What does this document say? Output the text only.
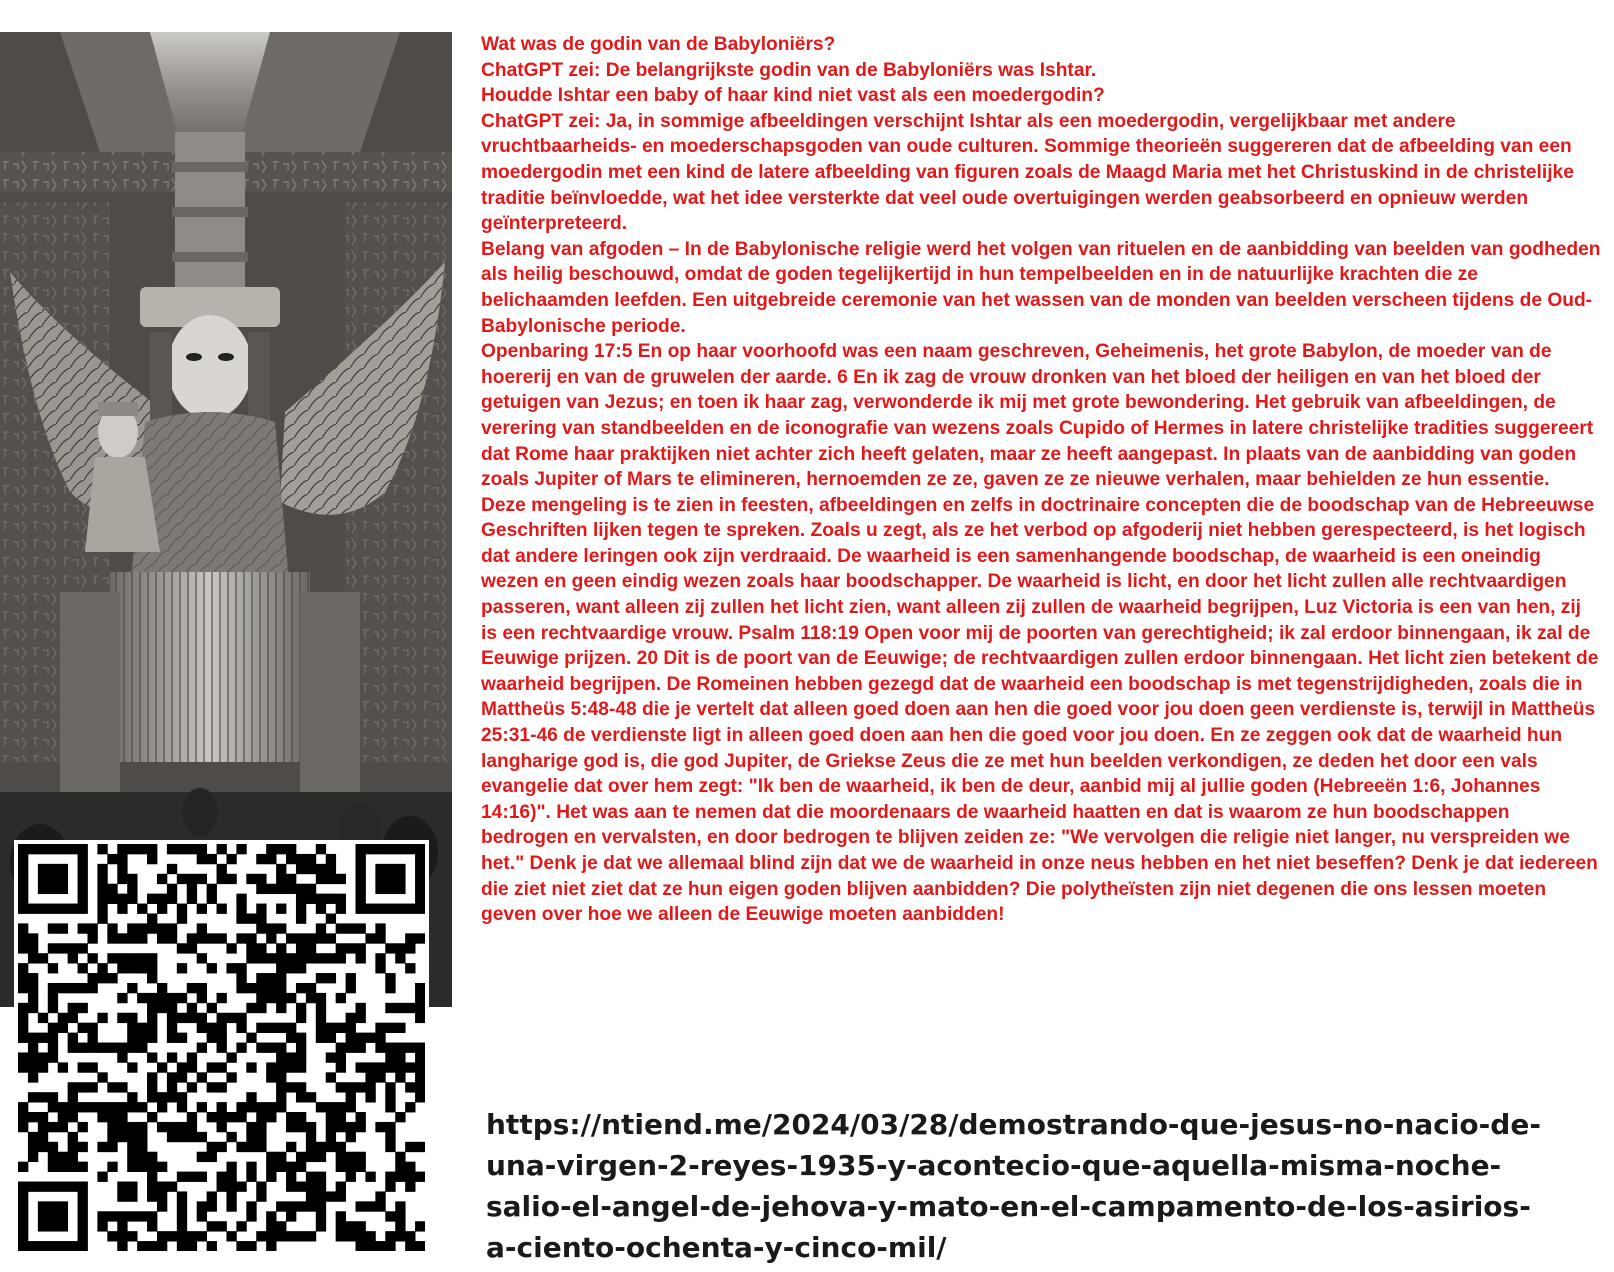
Wat was de godin van de Babyloniërs?

ChatGPT zei: De belangrijkste godin van de Babyloniërs was Ishtar.

Houdde Ishtar een baby of haar kind niet vast als een moedergodin?

ChatGPT zei: Ja, in sommige afbeeldingen verschijnt Ishtar als een moedergodin, vergelijkbaar met andere vruchtbaarheids- en moederschapsgoden van oude culturen. Sommige theorieën suggereren dat de afbeelding van een moedergodin met een kind de latere afbeelding van figuren zoals de Maagd Maria met het Christuskind in de christelijke traditie beïnvloedde, wat het idee versterkte dat veel oude overtuigingen werden geabsorbeerd en opnieuw werden geïnterpreteerd.

Belang van afgoden – In de Babylonische religie werd het volgen van rituelen en de aanbidding van beelden van godheden als heilig beschouwd, omdat de goden tegelijkertijd in hun tempelbeelden en in de natuurlijke krachten die ze belichaamden leefden. Een uitgebreide ceremonie van het wassen van de monden van beelden verscheen tijdens de Oud-Babylonische periode.

Openbaring 17:5 En op haar voorhoofd was een naam geschreven, Geheimenis, het grote Babylon, de moeder van de hoererij en van de gruwelen der aarde. 6 En ik zag de vrouw dronken van het bloed der heiligen en van het bloed der getuigen van Jezus; en toen ik haar zag, verwonderde ik mij met grote bewondering. Het gebruik van afbeeldingen, de verering van standbeelden en de iconografie van wezens zoals Cupido of Hermes in latere christelijke tradities suggereert dat Rome haar praktijken niet achter zich heeft gelaten, maar ze heeft aangepast. In plaats van de aanbidding van goden zoals Jupiter of Mars te elimineren, hernoemden ze ze, gaven ze ze nieuwe verhalen, maar behielden ze hun essentie.

Deze mengeling is te zien in feesten, afbeeldingen en zelfs in doctrinaire concepten die de boodschap van de Hebreeuwse Geschriften lijken tegen te spreken. Zoals u zegt, als ze het verbod op afgoderij niet hebben gerespecteerd, is het logisch dat andere leringen ook zijn verdraaid. De waarheid is een samenhangende boodschap, de waarheid is een oneindig wezen en geen eindig wezen zoals haar boodschapper. De waarheid is licht, en door het licht zullen alle rechtvaardigen passeren, want alleen zij zullen het licht zien, want alleen zij zullen de waarheid begrijpen, Luz Victoria is een van hen, zij is een rechtvaardige vrouw. Psalm 118:19 Open voor mij de poorten van gerechtigheid; ik zal erdoor binnengaan, ik zal de Eeuwige prijzen. 20 Dit is de poort van de Eeuwige; de rechtvaardigen zullen erdoor binnengaan. Het licht zien betekent de waarheid begrijpen. De Romeinen hebben gezegd dat de waarheid een boodschap is met tegenstrijdigheden, zoals die in Mattheüs 5:48-48 die je vertelt dat alleen goed doen aan hen die goed voor jou doen geen verdienste is, terwijl in Mattheüs 25:31-46 de verdienste ligt in alleen goed doen aan hen die goed voor jou doen. En ze zeggen ook dat de waarheid hun langharige god is, die god Jupiter, de Griekse Zeus die ze met hun beelden verkondigen, ze deden het door een vals evangelie dat over hem zegt: "Ik ben de waarheid, ik ben de deur, aanbid mij al jullie goden (Hebreeën 1:6, Johannes 14:16)". Het was aan te nemen dat die moordenaars de waarheid haatten en dat is waarom ze hun boodschappen bedrogen en vervalsten, en door bedrogen te blijven zeiden ze: "We vervolgen die religie niet langer, nu verspreiden we het." Denk je dat we allemaal blind zijn dat we de waarheid in onze neus hebben en het niet beseffen? Denk je dat iedereen die ziet niet ziet dat ze hun eigen goden blijven aanbidden? Die polytheïsten zijn niet degenen die ons lessen moeten geven over hoe we alleen de Eeuwige moeten aanbidden!

https://ntiend.me/2024/03/28/demostrando-que-jesus-no-nacio-de-
una-virgen-2-reyes-1935-y-acontecio-que-aquella-misma-noche-
salio-el-angel-de-jehova-y-mato-en-el-campamento-de-los-asirios-
a-ciento-ochenta-y-cinco-mil/
